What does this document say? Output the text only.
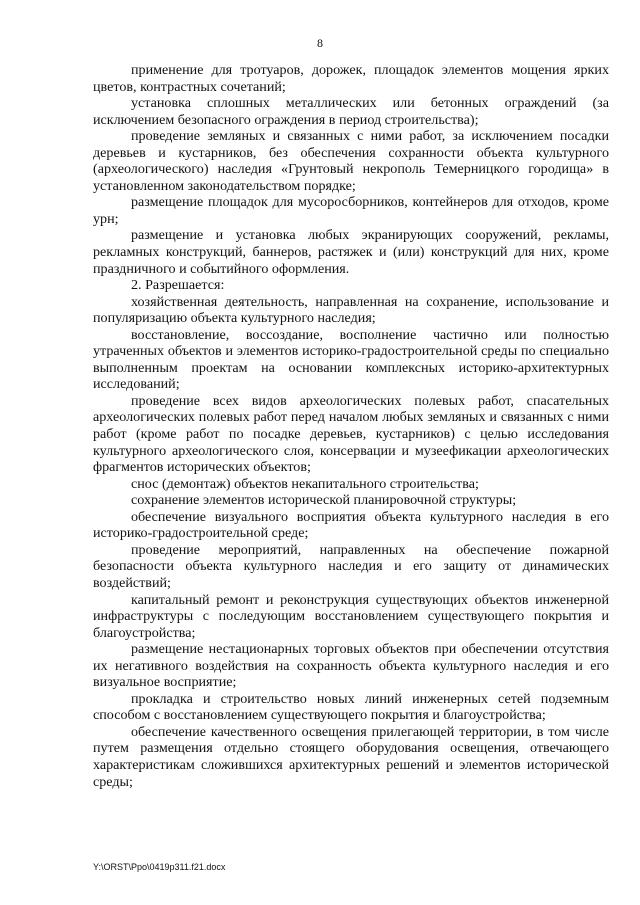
8

применение для тротуаров, дорожек, площадок элементов мощения ярких цветов, контрастных сочетаний;

установка сплошных металлических или бетонных ограждений (за исключением безопасного ограждения в период строительства);

проведение земляных и связанных с ними работ, за исключением посадки деревьев и кустарников, без обеспечения сохранности объекта культурного (археологического) наследия «Грунтовый некрополь Темерницкого городища» в установленном законодательством порядке;

размещение площадок для мусоросборников, контейнеров для отходов, кроме урн;

размещение и установка любых экранирующих сооружений, рекламы, рекламных конструкций, баннеров, растяжек и (или) конструкций для них, кроме праздничного и событийного оформления.

2. Разрешается:

хозяйственная деятельность, направленная на сохранение, использование и популяризацию объекта культурного наследия;

восстановление, воссоздание, восполнение частично или полностью утраченных объектов и элементов историко-градостроительной среды по специально выполненным проектам на основании комплексных историко-архитектурных исследований;

проведение всех видов археологических полевых работ, спасательных археологических полевых работ перед началом любых земляных и связанных с ними работ (кроме работ по посадке деревьев, кустарников) с целью исследования культурного археологического слоя, консервации и музеефикации археологических фрагментов исторических объектов;

снос (демонтаж) объектов некапитального строительства;

сохранение элементов исторической планировочной структуры;

обеспечение визуального восприятия объекта культурного наследия в его историко-градостроительной среде;

проведение мероприятий, направленных на обеспечение пожарной безопасности объекта культурного наследия и его защиту от динамических воздействий;

капитальный ремонт и реконструкция существующих объектов инженерной инфраструктуры с последующим восстановлением существующего покрытия и благоустройства;

размещение нестационарных торговых объектов при обеспечении отсутствия их негативного воздействия на сохранность объекта культурного наследия и его визуальное восприятие;

прокладка и строительство новых линий инженерных сетей подземным способом с восстановлением существующего покрытия и благоустройства;

обеспечение качественного освещения прилегающей территории, в том числе путем размещения отдельно стоящего оборудования освещения, отвечающего характеристикам сложившихся архитектурных решений и элементов исторической среды;

Y:\ORST\Ppo\0419p311.f21.docx
